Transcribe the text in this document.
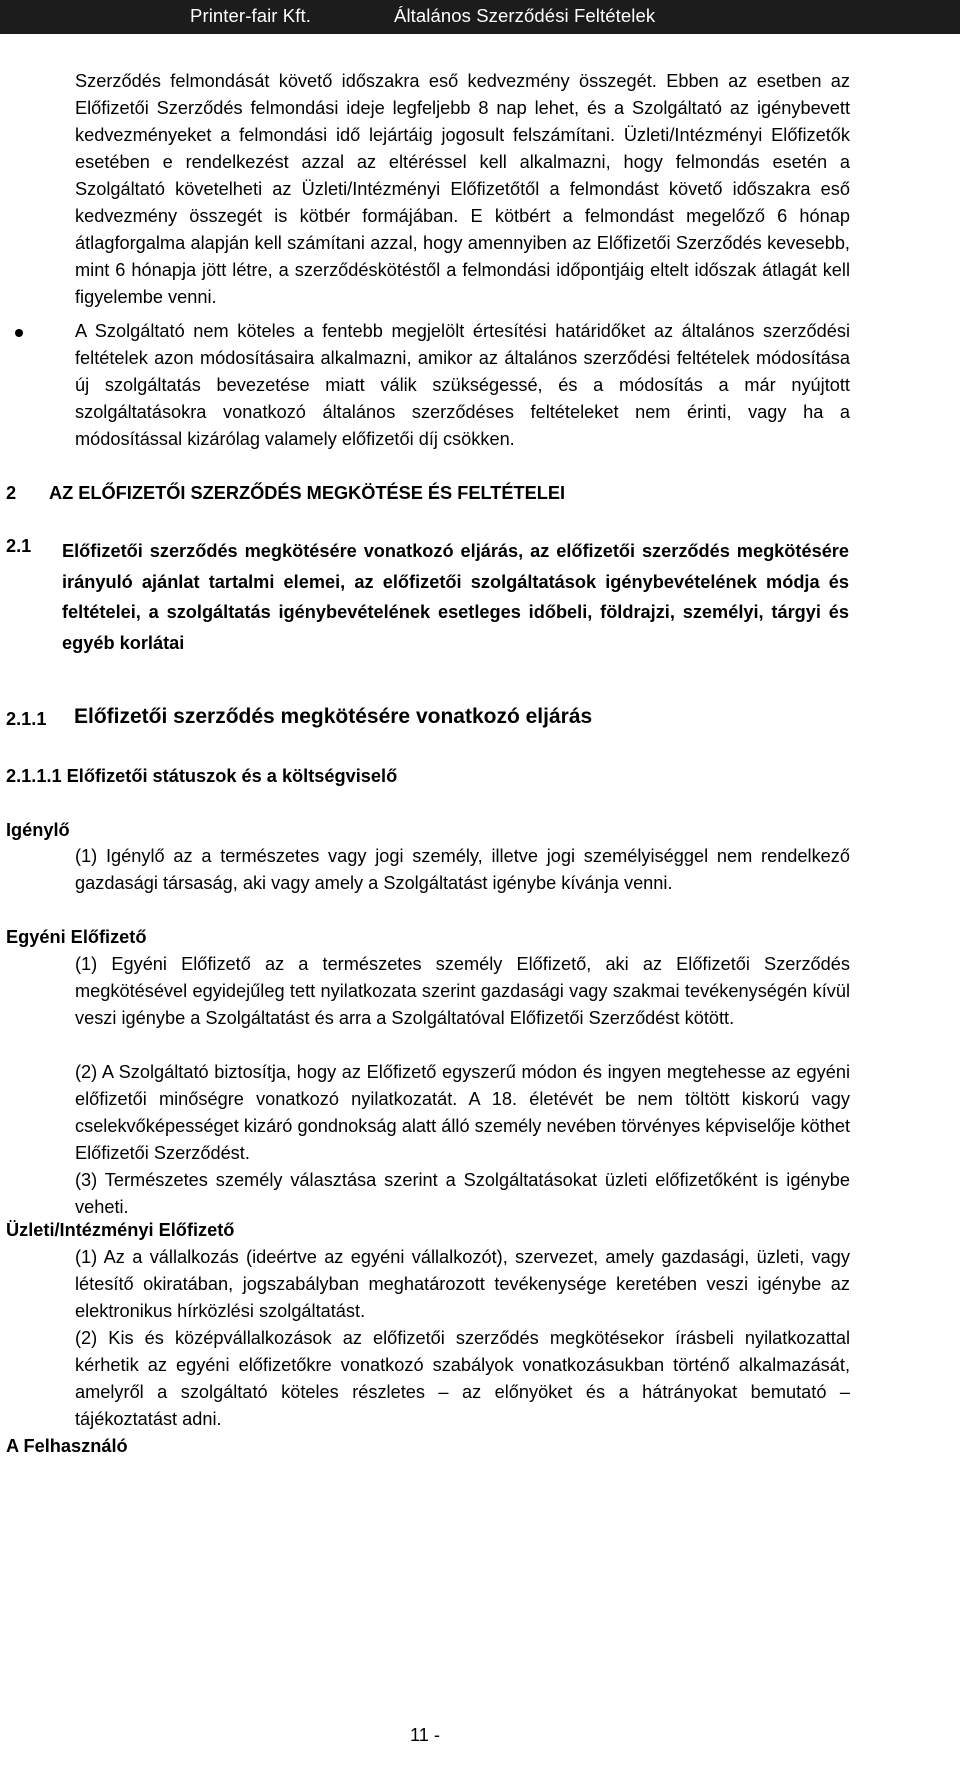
Printer-fair Kft.	Általános Szerződési Feltételek
Szerződés felmondását követő időszakra eső kedvezmény összegét. Ebben az esetben az Előfizetői Szerződés felmondási ideje legfeljebb 8 nap lehet, és a Szolgáltató az igénybevett kedvezményeket a felmondási idő lejártáig jogosult felszámítani. Üzleti/Intézményi Előfizetők esetében e rendelkezést azzal az eltéréssel kell alkalmazni, hogy felmondás esetén a Szolgáltató követelheti az Üzleti/Intézményi Előfizetőtől a felmondást követő időszakra eső kedvezmény összegét is kötbér formájában. E kötbért a felmondást megelőző 6 hónap átlagforgalma alapján kell számítani azzal, hogy amennyiben az Előfizetői Szerződés kevesebb, mint 6 hónapja jött létre, a szerződéskötéstől a felmondási időpontjáig eltelt időszak átlagát kell figyelembe venni.
A Szolgáltató nem köteles a fentebb megjelölt értesítési határidőket az általános szerződési feltételek azon módosításaira alkalmazni, amikor az általános szerződési feltételek módosítása új szolgáltatás bevezetése miatt válik szükségessé, és a módosítás a már nyújtott szolgáltatásokra vonatkozó általános szerződéses feltételeket nem érinti, vagy ha a módosítással kizárólag valamely előfizetői díj csökken.
2 AZ ELŐFIZETŐI SZERZŐDÉS MEGKÖTÉSE ÉS FELTÉTELEI
2.1 Előfizetői szerződés megkötésére vonatkozó eljárás, az előfizetői szerződés megkötésére irányuló ajánlat tartalmi elemei, az előfizetői szolgáltatások igénybevételének módja és feltételei, a szolgáltatás igénybevételének esetleges időbeli, földrajzi, személyi, tárgyi és egyéb korlátai
2.1.1 Előfizetői szerződés megkötésére vonatkozó eljárás
2.1.1.1 Előfizetői státuszok és a költségviselő
Igénylő
(1) Igénylő az a természetes vagy jogi személy, illetve jogi személyiséggel nem rendelkező gazdasági társaság, aki vagy amely a Szolgáltatást igénybe kívánja venni.
Egyéni Előfizető
(1) Egyéni Előfizető az a természetes személy Előfizető, aki az Előfizetői Szerződés megkötésével egyidejűleg tett nyilatkozata szerint gazdasági vagy szakmai tevékenységén kívül veszi igénybe a Szolgáltatást és arra a Szolgáltatóval Előfizetői Szerződést kötött.
(2) A Szolgáltató biztosítja, hogy az Előfizető egyszerű módon és ingyen megtehesse az egyéni előfizetői minőségre vonatkozó nyilatkozatát. A 18. életévét be nem töltött kiskorú vagy cselekvőképességet kizáró gondnokság alatt álló személy nevében törvényes képviselője köthet Előfizetői Szerződést.
(3) Természetes személy választása szerint a Szolgáltatásokat üzleti előfizetőként is igénybe veheti.
Üzleti/Intézményi Előfizető
(1) Az a vállalkozás (ideértve az egyéni vállalkozót), szervezet, amely gazdasági, üzleti, vagy létesítő okiratában, jogszabályban meghatározott tevékenysége keretében veszi igénybe az elektronikus hírközlési szolgáltatást.
(2) Kis és középvállalkozások az előfizetői szerződés megkötésekor írásbeli nyilatkozattal kérhetik az egyéni előfizetőkre vonatkozó szabályok vonatkozásukban történő alkalmazását, amelyről a szolgáltató köteles részletes – az előnyöket és a hátrányokat bemutató – tájékoztatást adni.
A Felhasználó
11 -
